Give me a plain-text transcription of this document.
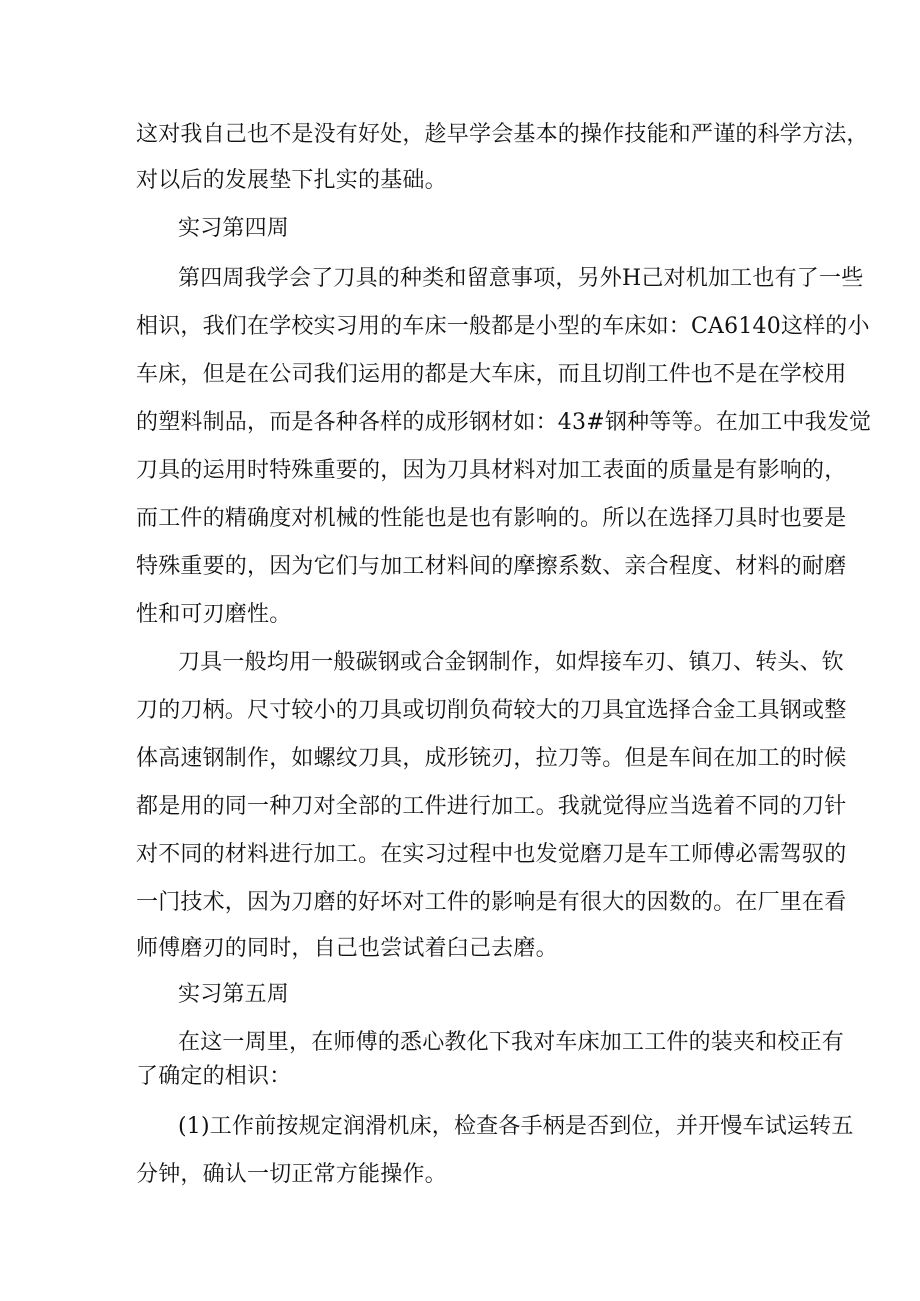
这对我自己也不是没有好处，趁早学会基本的操作技能和严谨的科学方法，
对以后的发展垫下扎实的基础。
实习第四周
第四周我学会了刀具的种类和留意事项，另外H己对机加工也有了一些
相识，我们在学校实习用的车床一般都是小型的车床如：CA6140这样的小
车床，但是在公司我们运用的都是大车床，而且切削工件也不是在学校用
的塑料制品，而是各种各样的成形钢材如：43#钢种等等。在加工中我发觉
刀具的运用时特殊重要的，因为刀具材料对加工表面的质量是有影响的，
而工件的精确度对机械的性能也是也有影响的。所以在选择刀具时也要是
特殊重要的，因为它们与加工材料间的摩擦系数、亲合程度、材料的耐磨
性和可刃磨性。
刀具一般均用一般碳钢或合金钢制作，如焊接车刃、镇刀、转头、钦
刀的刀柄。尺寸较小的刀具或切削负荷较大的刀具宜选择合金工具钢或整
体高速钢制作，如螺纹刀具，成形铳刃，拉刀等。但是车间在加工的时候
都是用的同一种刀对全部的工件进行加工。我就觉得应当选着不同的刀针
对不同的材料进行加工。在实习过程中也发觉磨刀是车工师傅必需驾驭的
一门技术，因为刀磨的好坏对工件的影响是有很大的因数的。在厂里在看
师傅磨刃的同时，自己也尝试着臼己去磨。
实习第五周
在这一周里，在师傅的悉心教化下我对车床加工工件的装夹和校正有
了确定的相识：
(1)工作前按规定润滑机床，检查各手柄是否到位，并开慢车试运转五
分钟，确认一切正常方能操作。
